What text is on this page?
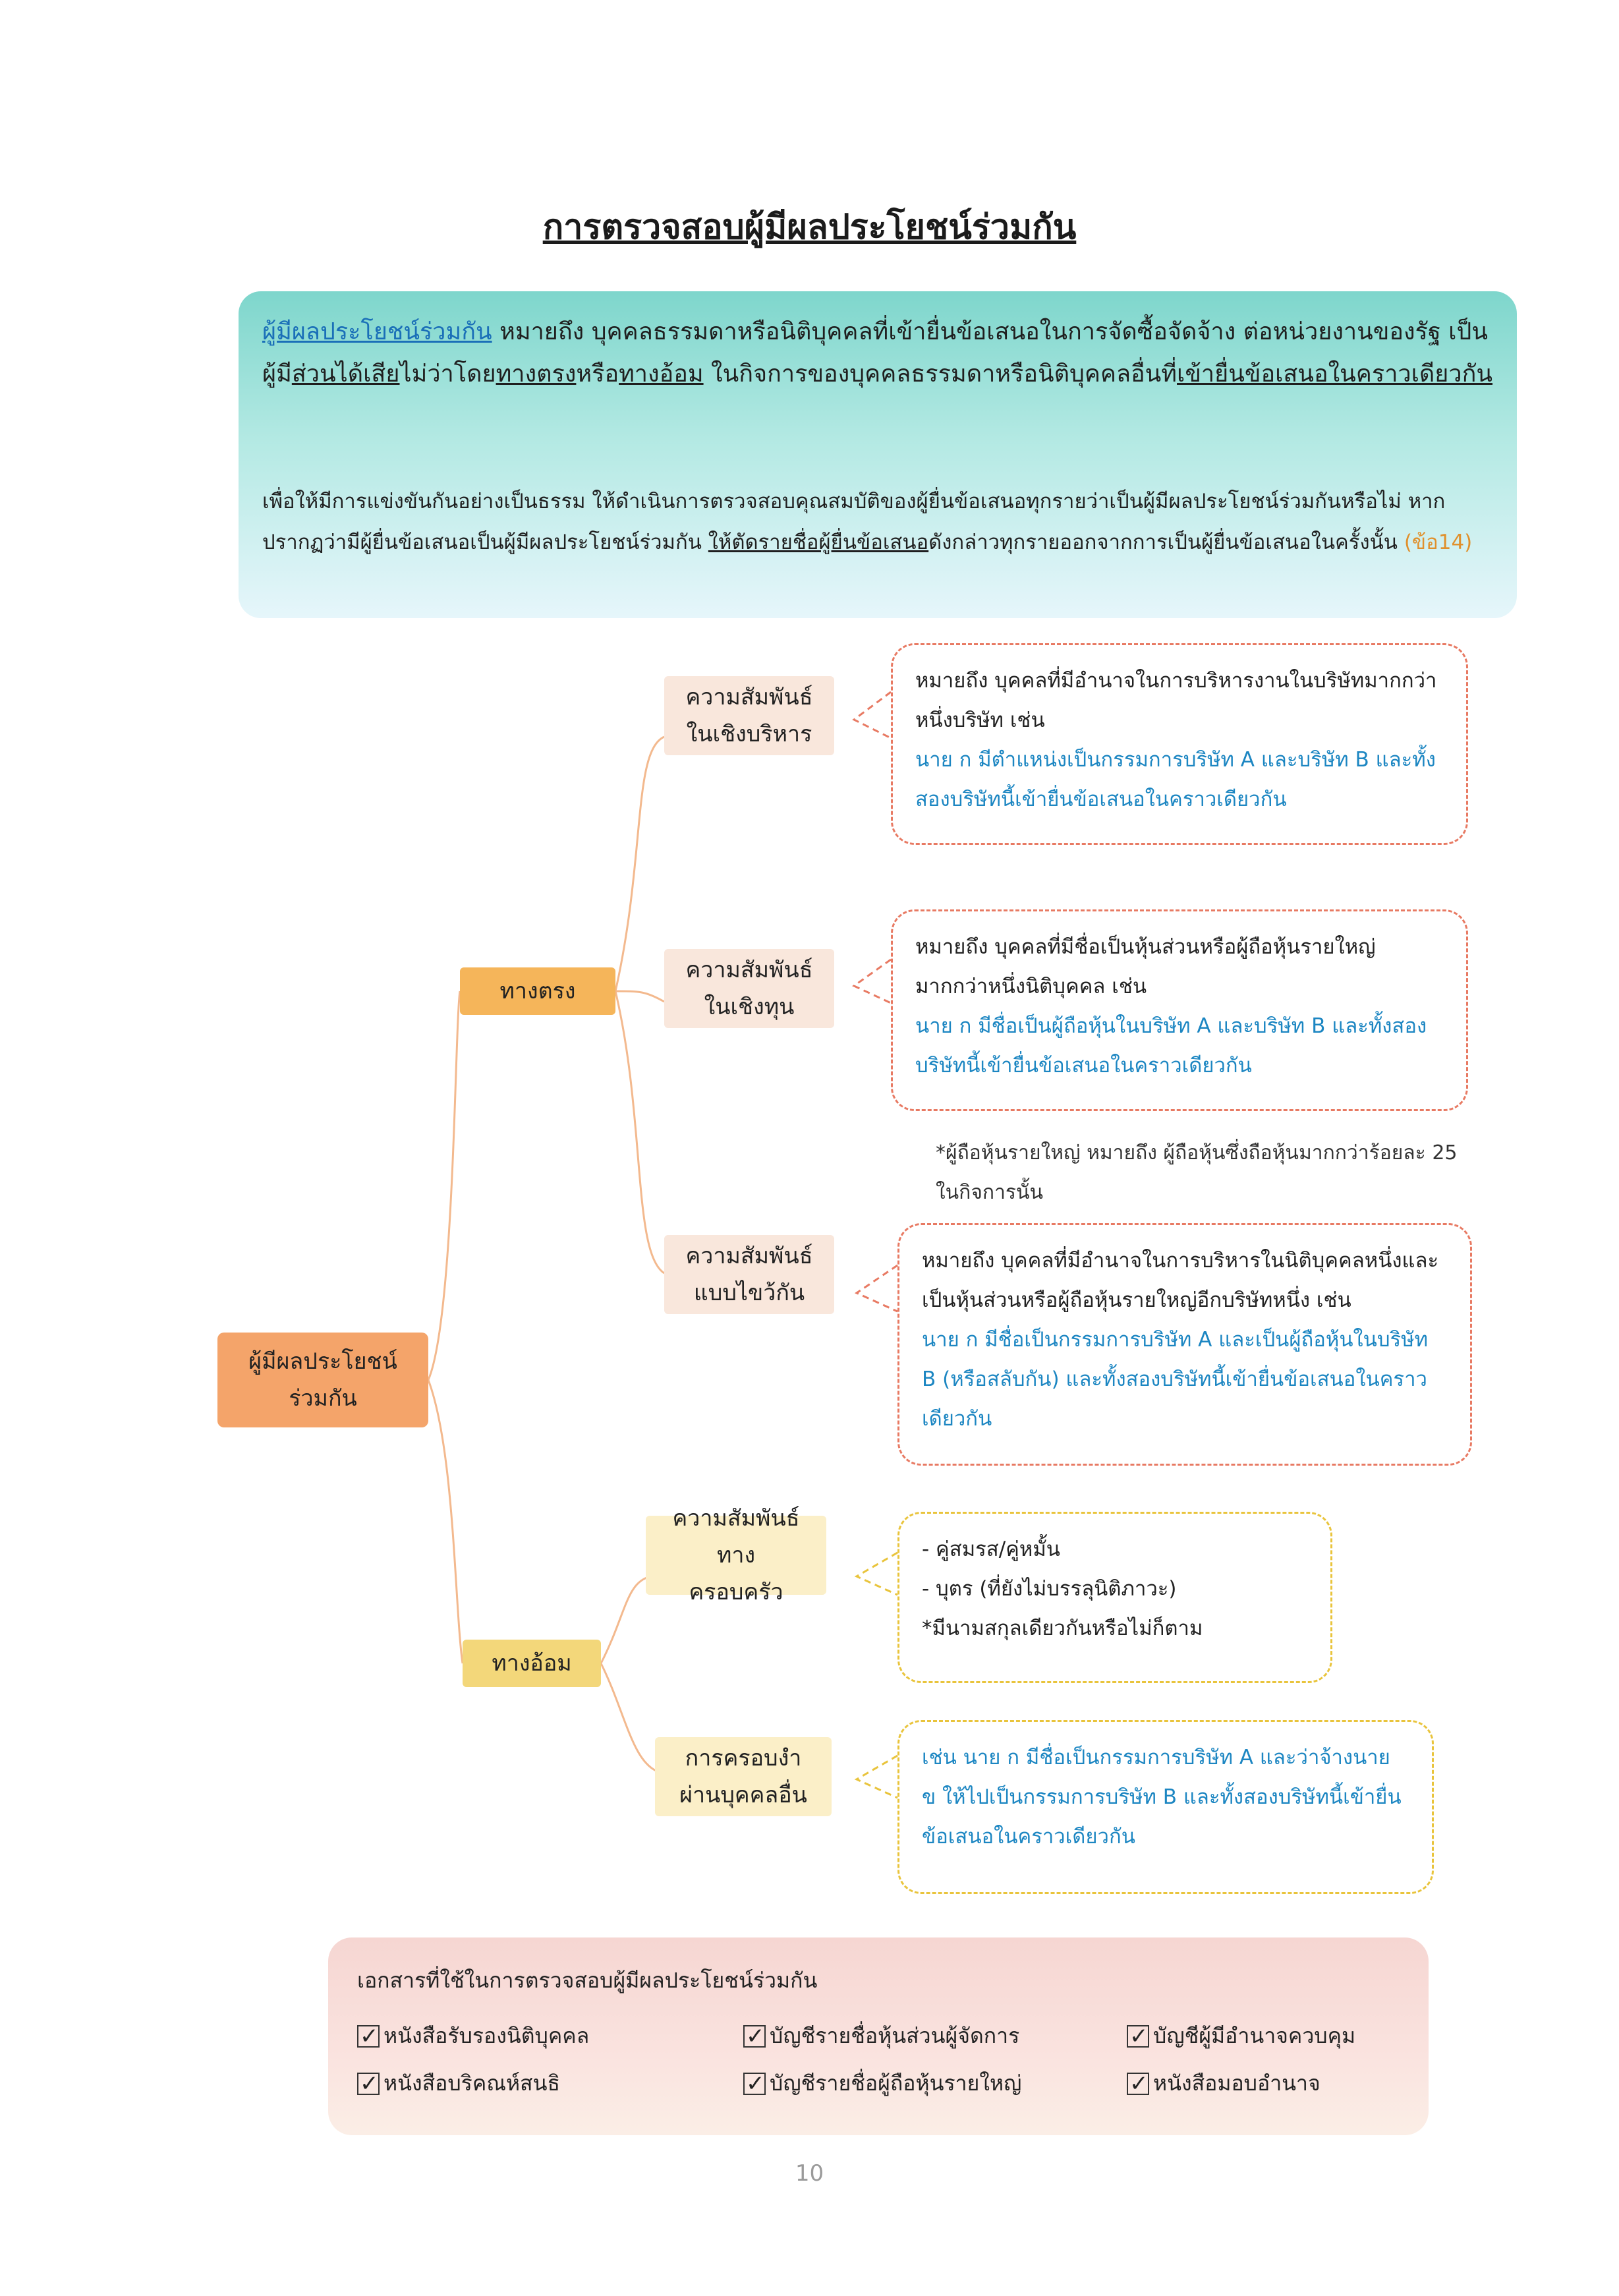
การตรวจสอบผู้มีผลประโยชน์ร่วมกัน
ผู้มีผลประโยชน์ร่วมกัน หมายถึง บุคคลธรรมดาหรือนิติบุคคลที่เข้ายื่นข้อเสนอในการจัดซื้อจัดจ้าง ต่อหน่วยงานของรัฐ เป็นผู้มีส่วนได้เสียไม่ว่าโดยทางตรงหรือทางอ้อม ในกิจการของบุคคลธรรมดาหรือนิติบุคคลอื่นที่เข้ายื่นข้อเสนอในคราวเดียวกัน
เพื่อให้มีการแข่งขันกันอย่างเป็นธรรม ให้ดำเนินการตรวจสอบคุณสมบัติของผู้ยื่นข้อเสนอทุกรายว่าเป็นผู้มีผลประโยชน์ร่วมกันหรือไม่ หากปรากฏว่ามีผู้ยื่นข้อเสนอเป็นผู้มีผลประโยชน์ร่วมกัน ให้ตัดรายชื่อผู้ยื่นข้อเสนอดังกล่าวทุกรายออกจากการเป็นผู้ยื่นข้อเสนอในครั้งนั้น (ข้อ14)
ผู้มีผลประโยชน์ร่วมกัน
ทางตรง
ทางอ้อม
ความสัมพันธ์ในเชิงบริหาร
ความสัมพันธ์ในเชิงทุน
ความสัมพันธ์แบบไขว้กัน
ความสัมพันธ์ทางครอบครัว
การครอบงำผ่านบุคคลอื่น
หมายถึง บุคคลที่มีอำนาจในการบริหารงานในบริษัทมากกว่าหนึ่งบริษัท เช่น
นาย ก มีตำแหน่งเป็นกรรมการบริษัท A และบริษัท B และทั้งสองบริษัทนี้เข้ายื่นข้อเสนอในคราวเดียวกัน
หมายถึง บุคคลที่มีชื่อเป็นหุ้นส่วนหรือผู้ถือหุ้นรายใหญ่มากกว่าหนึ่งนิติบุคคล เช่น
นาย ก มีชื่อเป็นผู้ถือหุ้นในบริษัท A และบริษัท B และทั้งสองบริษัทนี้เข้ายื่นข้อเสนอในคราวเดียวกัน
*ผู้ถือหุ้นรายใหญ่ หมายถึง ผู้ถือหุ้นซึ่งถือหุ้นมากกว่าร้อยละ 25 ในกิจการนั้น
หมายถึง บุคคลที่มีอำนาจในการบริหารในนิติบุคคลหนึ่งและเป็นหุ้นส่วนหรือผู้ถือหุ้นรายใหญ่อีกบริษัทหนึ่ง เช่น
นาย ก มีชื่อเป็นกรรมการบริษัท A และเป็นผู้ถือหุ้นในบริษัท B (หรือสลับกัน) และทั้งสองบริษัทนี้เข้ายื่นข้อเสนอในคราวเดียวกัน
- คู่สมรส/คู่หมั้น
- บุตร (ที่ยังไม่บรรลุนิติภาวะ)
*มีนามสกุลเดียวกันหรือไม่ก็ตาม
เช่น นาย ก มีชื่อเป็นกรรมการบริษัท A และว่าจ้างนาย ข ให้ไปเป็นกรรมการบริษัท B และทั้งสองบริษัทนี้เข้ายื่นข้อเสนอในคราวเดียวกัน
เอกสารที่ใช้ในการตรวจสอบผู้มีผลประโยชน์ร่วมกัน
✓ หนังสือรับรองนิติบุคคล	✓ บัญชีรายชื่อหุ้นส่วนผู้จัดการ	✓ บัญชีผู้มีอำนาจควบคุม
✓ หนังสือบริคณห์สนธิ	✓ บัญชีรายชื่อผู้ถือหุ้นรายใหญ่	✓ หนังสือมอบอำนาจ
10
